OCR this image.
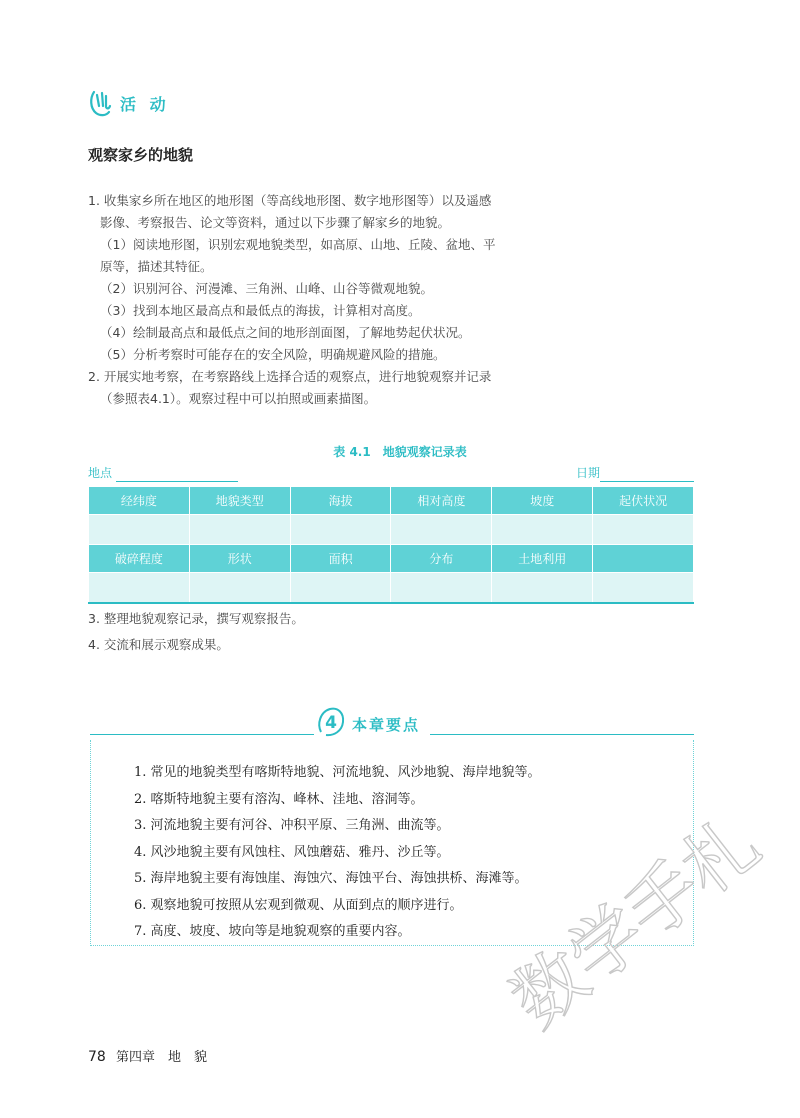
活 动
观察家乡的地貌
1. 收集家乡所在地区的地形图（等高线地形图、数字地形图等）以及遥感
影像、考察报告、论文等资料，通过以下步骤了解家乡的地貌。
（1）阅读地形图，识别宏观地貌类型，如高原、山地、丘陵、盆地、平
原等，描述其特征。
（2）识别河谷、河漫滩、三角洲、山峰、山谷等微观地貌。
（3）找到本地区最高点和最低点的海拔，计算相对高度。
（4）绘制最高点和最低点之间的地形剖面图，了解地势起伏状况。
（5）分析考察时可能存在的安全风险，明确规避风险的措施。
2. 开展实地考察，在考察路线上选择合适的观察点，进行地貌观察并记录
（参照表4.1）。观察过程中可以拍照或画素描图。
表 4.1　地貌观察记录表
地点	日期
经纬度	地貌类型	海拔	相对高度	坡度	起伏状况

破碎程度	形状	面积	分布	土地利用	

3. 整理地貌观察记录，撰写观察报告。
4. 交流和展示观察成果。
4 本章要点
1. 常见的地貌类型有喀斯特地貌、河流地貌、风沙地貌、海岸地貌等。
2. 喀斯特地貌主要有溶沟、峰林、洼地、溶洞等。
3. 河流地貌主要有河谷、冲积平原、三角洲、曲流等。
4. 风沙地貌主要有风蚀柱、风蚀蘑菇、雅丹、沙丘等。
5. 海岸地貌主要有海蚀崖、海蚀穴、海蚀平台、海蚀拱桥、海滩等。
6. 观察地貌可按照从宏观到微观、从面到点的顺序进行。
7. 高度、坡度、坡向等是地貌观察的重要内容。	数学手札
78 第四章　地　貌
